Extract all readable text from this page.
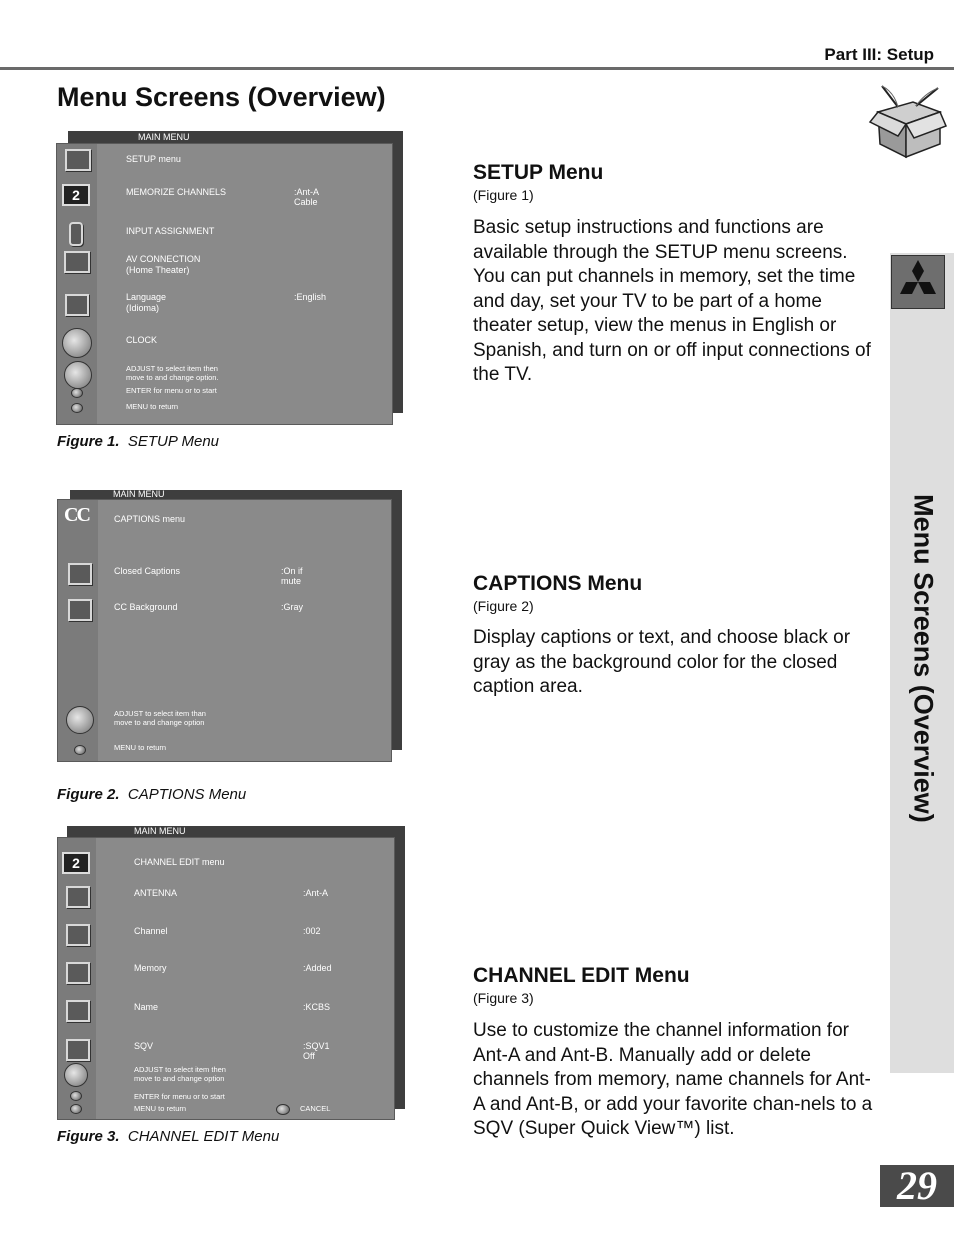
Part III: Setup
Menu Screens (Overview)
Menu Screens (Overview)
MAIN MENU
2
SETUP menu
MEMORIZE CHANNELS	:Ant-A
Cable
INPUT ASSIGNMENT
AV CONNECTION
(Home Theater)
Language
(Idioma)
:English
CLOCK
ADJUST to select item then
move to and change option.
ENTER for menu or to start
MENU to return
Figure 1. SETUP Menu
MAIN MENU
CC	CAPTIONS menu
Closed Captions	:On if
mute
CC Background	:Gray
ADJUST to select item than
move to and change option
MENU to return
Figure 2. CAPTIONS Menu
MAIN MENU
2	CHANNEL EDIT menu
ANTENNA	:Ant-A
Channel	:002
Memory	:Added
Name	:KCBS
SQV	:SQV1
Off
ADJUST to select item then
move to and change option
ENTER for menu or to start
MENU to return	CANCEL
Figure 3. CHANNEL EDIT Menu
SETUP Menu
(Figure 1)
Basic setup instructions and functions are available through the SETUP menu screens. You can put channels in memory, set the time and day, set your TV to be part of a home theater setup, view the menus in English or Spanish, and turn on or off input connections of the TV.
CAPTIONS Menu
(Figure 2)
Display captions or text, and choose black or gray as the background color for the closed caption area.
CHANNEL EDIT Menu
(Figure 3)
Use to customize the channel information for Ant-A and Ant-B. Manually add or delete channels from memory, name channels for Ant-A and Ant-B, or add your favorite chan-nels to a SQV (Super Quick View™) list.
29
